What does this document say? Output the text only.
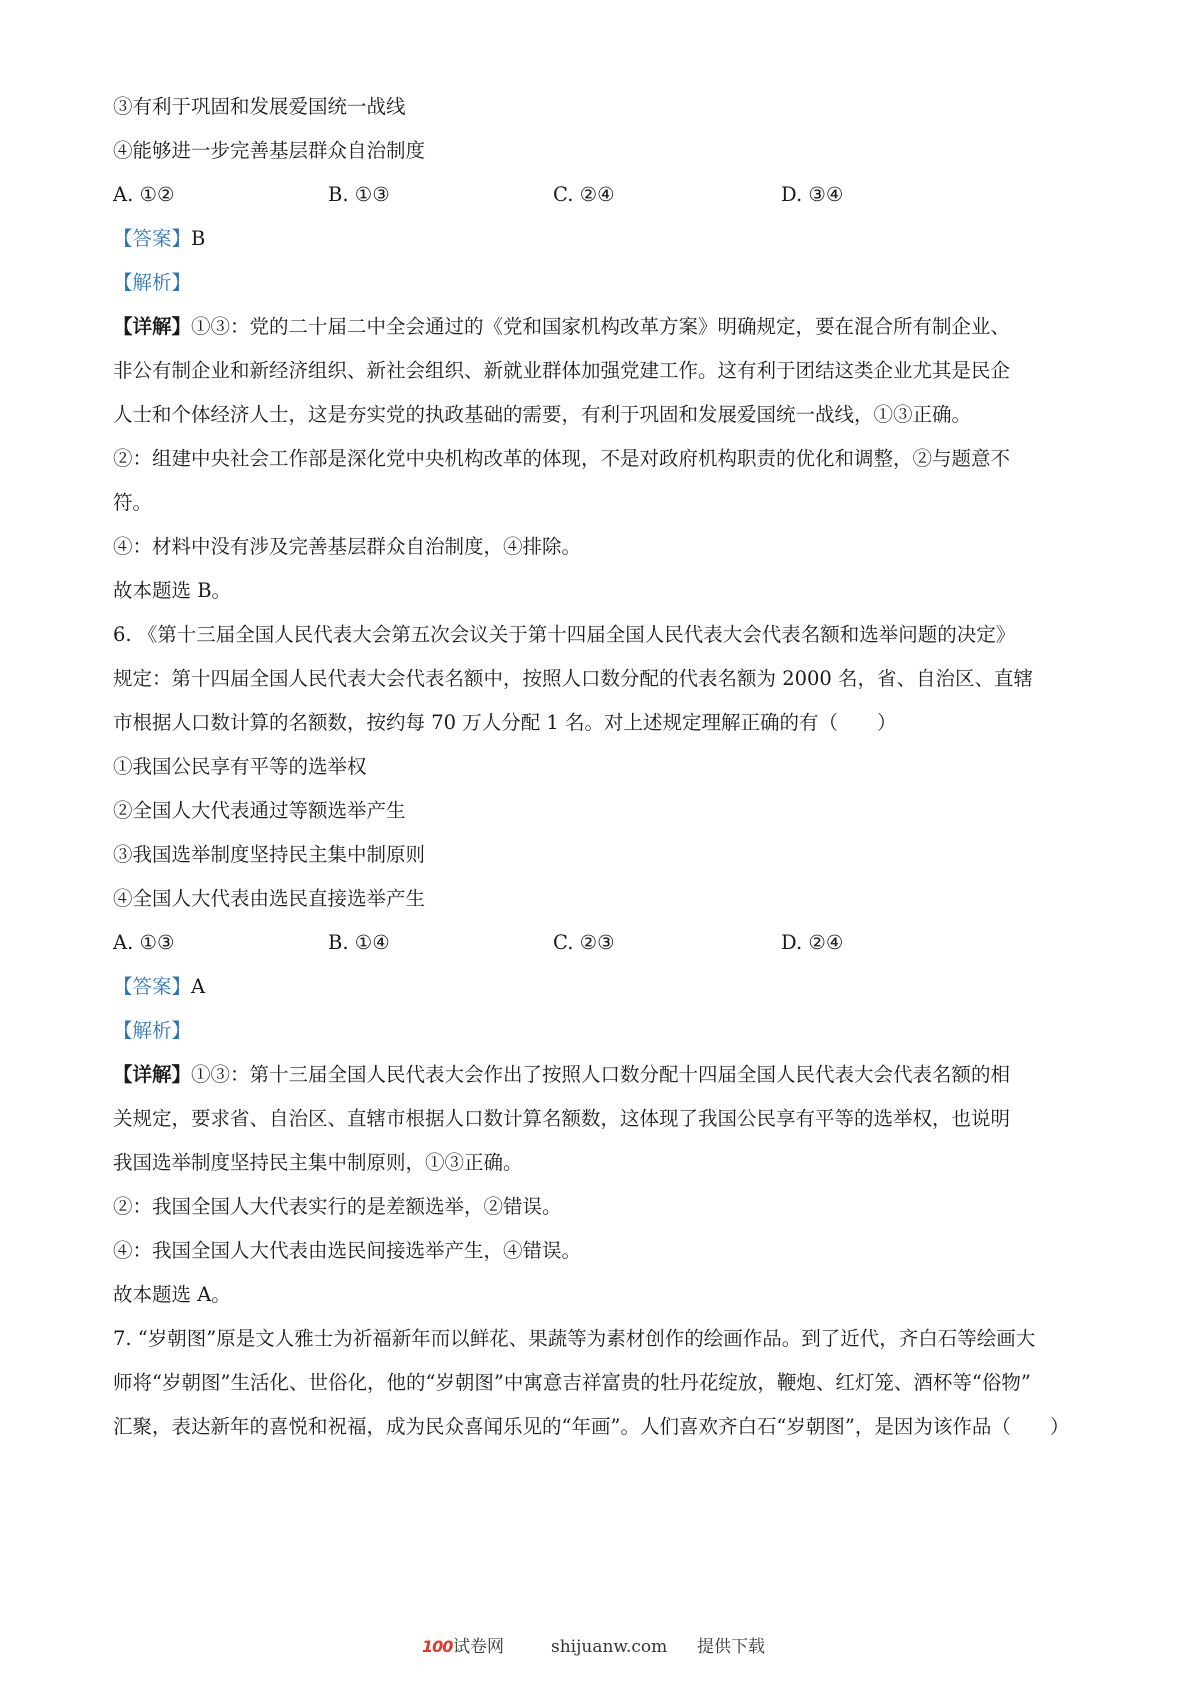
③有利于巩固和发展爱国统一战线
④能够进一步完善基层群众自治制度
A. ①②	B. ①③	C. ②④	D. ③④
【答案】B
【解析】
【详解】①③：党的二十届二中全会通过的《党和国家机构改革方案》明确规定，要在混合所有制企业、
非公有制企业和新经济组织、新社会组织、新就业群体加强党建工作。这有利于团结这类企业尤其是民企
人士和个体经济人士，这是夯实党的执政基础的需要，有利于巩固和发展爱国统一战线，①③正确。
②：组建中央社会工作部是深化党中央机构改革的体现，不是对政府机构职责的优化和调整，②与题意不
符。
④：材料中没有涉及完善基层群众自治制度，④排除。
故本题选 B。
6. 《第十三届全国人民代表大会第五次会议关于第十四届全国人民代表大会代表名额和选举问题的决定》
规定：第十四届全国人民代表大会代表名额中，按照人口数分配的代表名额为 2000 名，省、自治区、直辖
市根据人口数计算的名额数，按约每 70 万人分配 1 名。对上述规定理解正确的有（　　）
①我国公民享有平等的选举权
②全国人大代表通过等额选举产生
③我国选举制度坚持民主集中制原则
④全国人大代表由选民直接选举产生
A. ①③	B. ①④	C. ②③	D. ②④
【答案】A
【解析】
【详解】①③：第十三届全国人民代表大会作出了按照人口数分配十四届全国人民代表大会代表名额的相
关规定，要求省、自治区、直辖市根据人口数计算名额数，这体现了我国公民享有平等的选举权，也说明
我国选举制度坚持民主集中制原则，①③正确。
②：我国全国人大代表实行的是差额选举，②错误。
④：我国全国人大代表由选民间接选举产生，④错误。
故本题选 A。
7. “岁朝图”原是文人雅士为祈福新年而以鲜花、果蔬等为素材创作的绘画作品。到了近代，齐白石等绘画大
师将“岁朝图”生活化、世俗化，他的“岁朝图”中寓意吉祥富贵的牡丹花绽放，鞭炮、红灯笼、酒杯等“俗物”
汇聚，表达新年的喜悦和祝福，成为民众喜闻乐见的“年画”。人们喜欢齐白石“岁朝图”，是因为该作品（　　）
100 试卷网	shijuanw.com 提供下载
